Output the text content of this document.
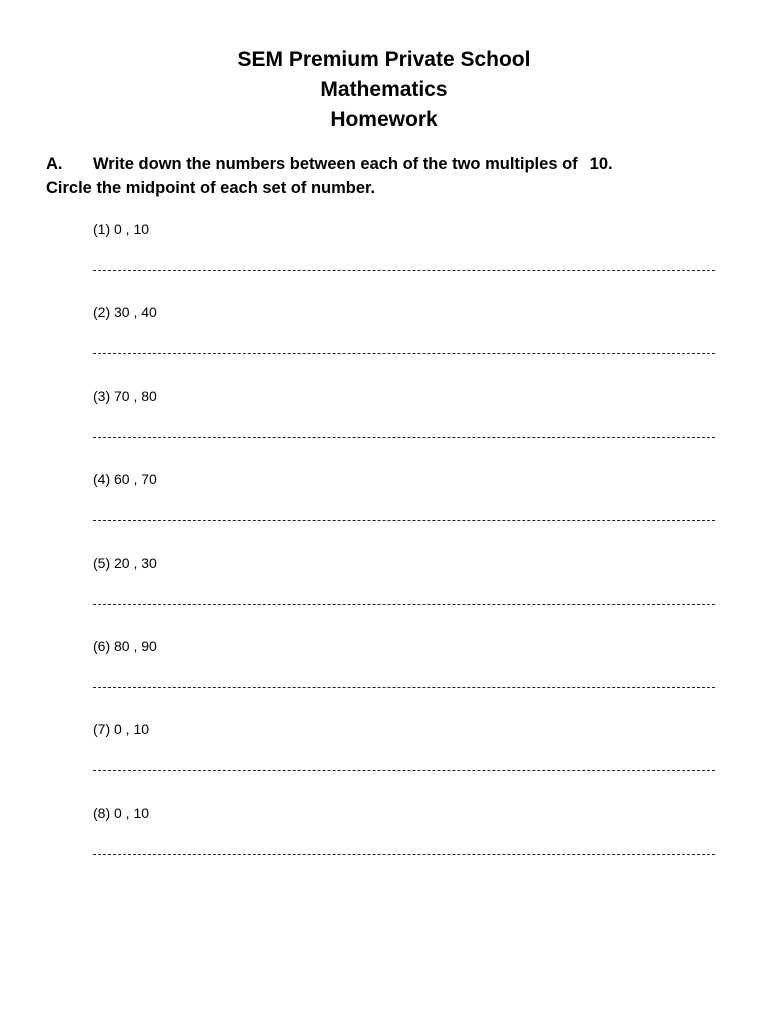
SEM Premium Private School
Mathematics
Homework
A. Write down the numbers between each of the two multiples of 10.
Circle the midpoint of each set of number.
(1) 0 , 10
(2) 30 , 40
(3) 70 , 80
(4) 60 , 70
(5) 20 , 30
(6) 80 , 90
(7) 0 , 10
(8) 0 , 10
